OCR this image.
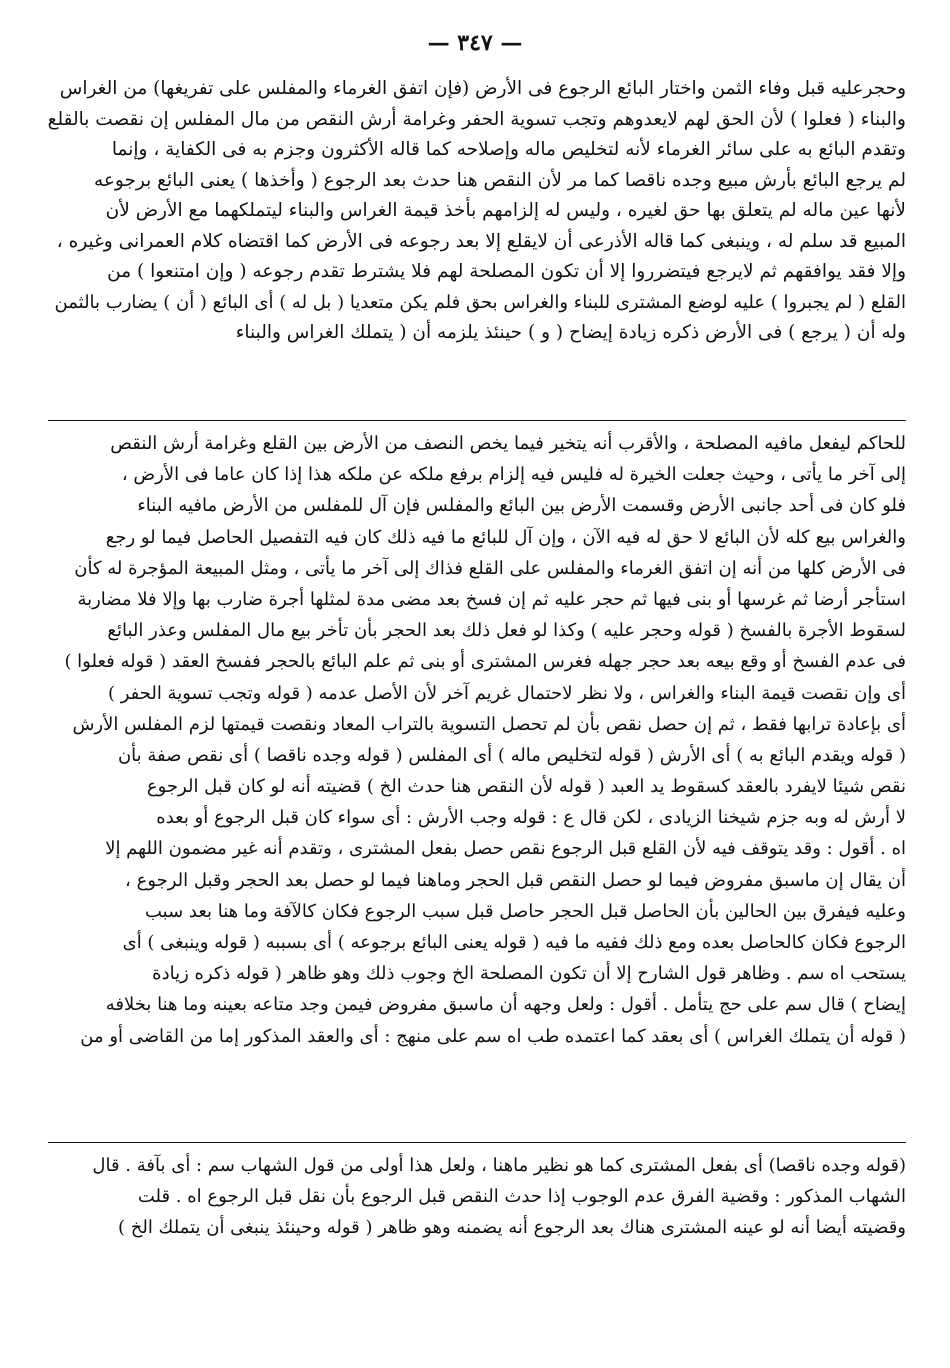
— ٣٤٧ —
وحجرعليه قبل وفاء الثمن واختار البائع الرجوع فى الأرض (فإن اتفق الغرماء والمفلس على تفريغها) من الغراس
والبناء ( فعلوا ) لأن الحق لهم لايعدوهم وتجب تسوية الحفر وغرامة أرش النقص من مال المفلس إن نقصت بالقلع
وتقدم البائع به على سائر الغرماء لأنه لتخليص ماله وإصلاحه كما قاله الأكثرون وجزم به فى الكفاية ، وإنما
لم يرجع البائع بأرش مبيع وجده ناقصا كما مر لأن النقص هنا حدث بعد الرجوع ( وأخذها ) يعنى البائع برجوعه
لأنها عين ماله لم يتعلق بها حق لغيره ، وليس له إلزامهم بأخذ قيمة الغراس والبناء ليتملكهما مع الأرض لأن
المبيع قد سلم له ، وينبغى كما قاله الأذرعى أن لايقلع إلا بعد رجوعه فى الأرض كما اقتضاه كلام العمرانى وغيره ،
وإلا فقد يوافقهم ثم لايرجع فيتضرروا إلا أن تكون المصلحة لهم فلا يشترط تقدم رجوعه ( وإن امتنعوا ) من
القلع ( لم يجبروا ) عليه لوضع المشترى للبناء والغراس بحق فلم يكن متعديا ( بل له ) أى البائع ( أن ) يضارب بالثمن
وله أن ( يرجع ) فى الأرض ذكره زيادة إيضاح ( و ) حينئذ يلزمه أن ( يتملك الغراس والبناء
للحاكم ليفعل مافيه المصلحة ، والأقرب أنه يتخير فيما يخص النصف من الأرض بين القلع وغرامة أرش النقص
إلى آخر ما يأتى ، وحيث جعلت الخيرة له فليس فيه إلزام برفع ملكه عن ملكه هذا إذا كان عاما فى الأرض ،
فلو كان فى أحد جانبى الأرض وقسمت الأرض بين البائع والمفلس فإن آل للمفلس من الأرض مافيه البناء
والغراس بيع كله لأن البائع لا حق له فيه الآن ، وإن آل للبائع ما فيه ذلك كان فيه التفصيل الحاصل فيما لو رجع
فى الأرض كلها من أنه إن اتفق الغرماء والمفلس على القلع فذاك إلى آخر ما يأتى ، ومثل المبيعة المؤجرة له كأن
استأجر أرضا ثم غرسها أو بنى فيها ثم حجر عليه ثم إن فسخ بعد مضى مدة لمثلها أجرة ضارب بها وإلا فلا مضاربة
لسقوط الأجرة بالفسخ ( قوله وحجر عليه ) وكذا لو فعل ذلك بعد الحجر بأن تأخر بيع مال المفلس وعذر البائع
فى عدم الفسخ أو وقع بيعه بعد حجر جهله فغرس المشترى أو بنى ثم علم البائع بالحجر ففسخ العقد ( قوله فعلوا )
أى وإن نقصت قيمة البناء والغراس ، ولا نظر لاحتمال غريم آخر لأن الأصل عدمه ( قوله وتجب تسوية الحفر )
أى بإعادة ترابها فقط ، ثم إن حصل نقص بأن لم تحصل التسوية بالتراب المعاد ونقصت قيمتها لزم المفلس الأرش
( قوله ويقدم البائع به ) أى الأرش ( قوله لتخليص ماله ) أى المفلس ( قوله وجده ناقصا ) أى نقص صفة بأن
نقص شيئا لايفرد بالعقد كسقوط يد العبد ( قوله لأن النقص هنا حدث الخ ) قضيته أنه لو كان قبل الرجوع
لا أرش له وبه جزم شيخنا الزيادى ، لكن قال ع : قوله وجب الأرش : أى سواء كان قبل الرجوع أو بعده
اه . أقول : وقد يتوقف فيه لأن القلع قبل الرجوع نقص حصل بفعل المشترى ، وتقدم أنه غير مضمون اللهم إلا
أن يقال إن ماسبق مفروض فيما لو حصل النقص قبل الحجر وماهنا فيما لو حصل بعد الحجر وقبل الرجوع ،
وعليه فيفرق بين الحالين بأن الحاصل قبل الحجر حاصل قبل سبب الرجوع فكان كالآفة وما هنا بعد سبب
الرجوع فكان كالحاصل بعده ومع ذلك ففيه ما فيه ( قوله يعنى البائع برجوعه ) أى بسببه ( قوله وينبغى ) أى
يستحب اه سم . وظاهر قول الشارح إلا أن تكون المصلحة الخ وجوب ذلك وهو ظاهر ( قوله ذكره زيادة
إيضاح ) قال سم على حج يتأمل . أقول : ولعل وجهه أن ماسبق مفروض فيمن وجد متاعه بعينه وما هنا بخلافه
( قوله أن يتملك الغراس ) أى بعقد كما اعتمده طب اه سم على منهج : أى والعقد المذكور إما من القاضى أو من
(قوله وجده ناقصا) أى بفعل المشترى كما هو نظير ماهنا ، ولعل هذا أولى من قول الشهاب سم : أى بآفة . قال
الشهاب المذكور : وقضية الفرق عدم الوجوب إذا حدث النقص قبل الرجوع بأن نقل قبل الرجوع اه . قلت
وقضيته أيضا أنه لو عينه المشترى هناك بعد الرجوع أنه يضمنه وهو ظاهر ( قوله وحينئذ ينبغى أن يتملك الخ )
